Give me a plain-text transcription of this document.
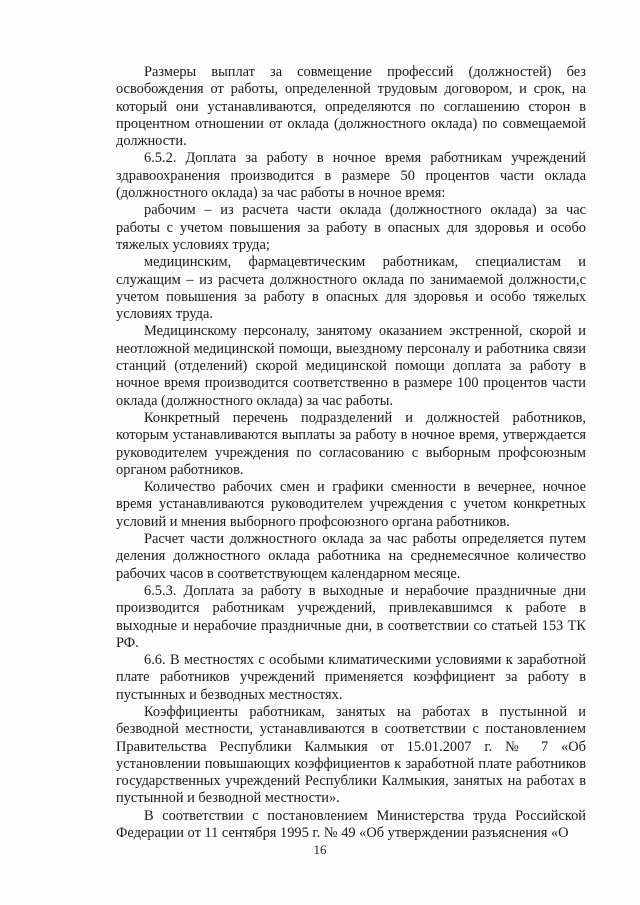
Размеры выплат за совмещение профессий (должностей) без освобождения от работы, определенной трудовым договором, и срок, на который они устанавливаются, определяются по соглашению сторон в процентном отношении от оклада (должностного оклада) по совмещаемой должности.

6.5.2. Доплата за работу в ночное время работникам учреждений здравоохранения производится в размере 50 процентов части оклада (должностного оклада) за час работы в ночное время:

рабочим – из расчета части оклада (должностного оклада) за час работы с учетом повышения за работу в опасных для здоровья и особо тяжелых условиях труда;

медицинским, фармацевтическим работникам, специалистам и служащим – из расчета должностного оклада по занимаемой должности,с учетом повышения за работу в опасных для здоровья и особо тяжелых условиях труда.

Медицинскому персоналу, занятому оказанием экстренной, скорой и неотложной медицинской помощи, выездному персоналу и работника связи станций (отделений) скорой медицинской помощи доплата за работу в ночное время производится соответственно в размере 100 процентов части оклада (должностного оклада) за час работы.

Конкретный перечень подразделений и должностей работников, которым устанавливаются выплаты за работу в ночное время, утверждается руководителем учреждения по согласованию с выборным профсоюзным органом работников.

Количество рабочих смен и графики сменности в вечернее, ночное время устанавливаются руководителем учреждения с учетом конкретных условий и мнения выборного профсоюзного органа работников.

Расчет части должностного оклада за час работы определяется путем деления должностного оклада работника на среднемесячное количество рабочих часов в соответствующем календарном месяце.

6.5.3. Доплата за работу в выходные и нерабочие праздничные дни производится работникам учреждений, привлекавшимся к работе в выходные и нерабочие праздничные дни, в соответствии со статьей 153 ТК РФ.

6.6. В местностях с особыми климатическими условиями к заработной плате работников учреждений применяется коэффициент за работу в пустынных и безводных местностях.

Коэффициенты работникам, занятых на работах в пустынной и безводной местности, устанавливаются в соответствии с постановлением Правительства Республики Калмыкия от 15.01.2007 г. № 7 «Об установлении повышающих коэффициентов к заработной плате работников государственных учреждений Республики Калмыкия, занятых на работах в пустынной и безводной местности».

В соответствии с постановлением Министерства труда Российской Федерации от 11 сентября 1995 г. № 49 «Об утверждении разъяснения «О

16
